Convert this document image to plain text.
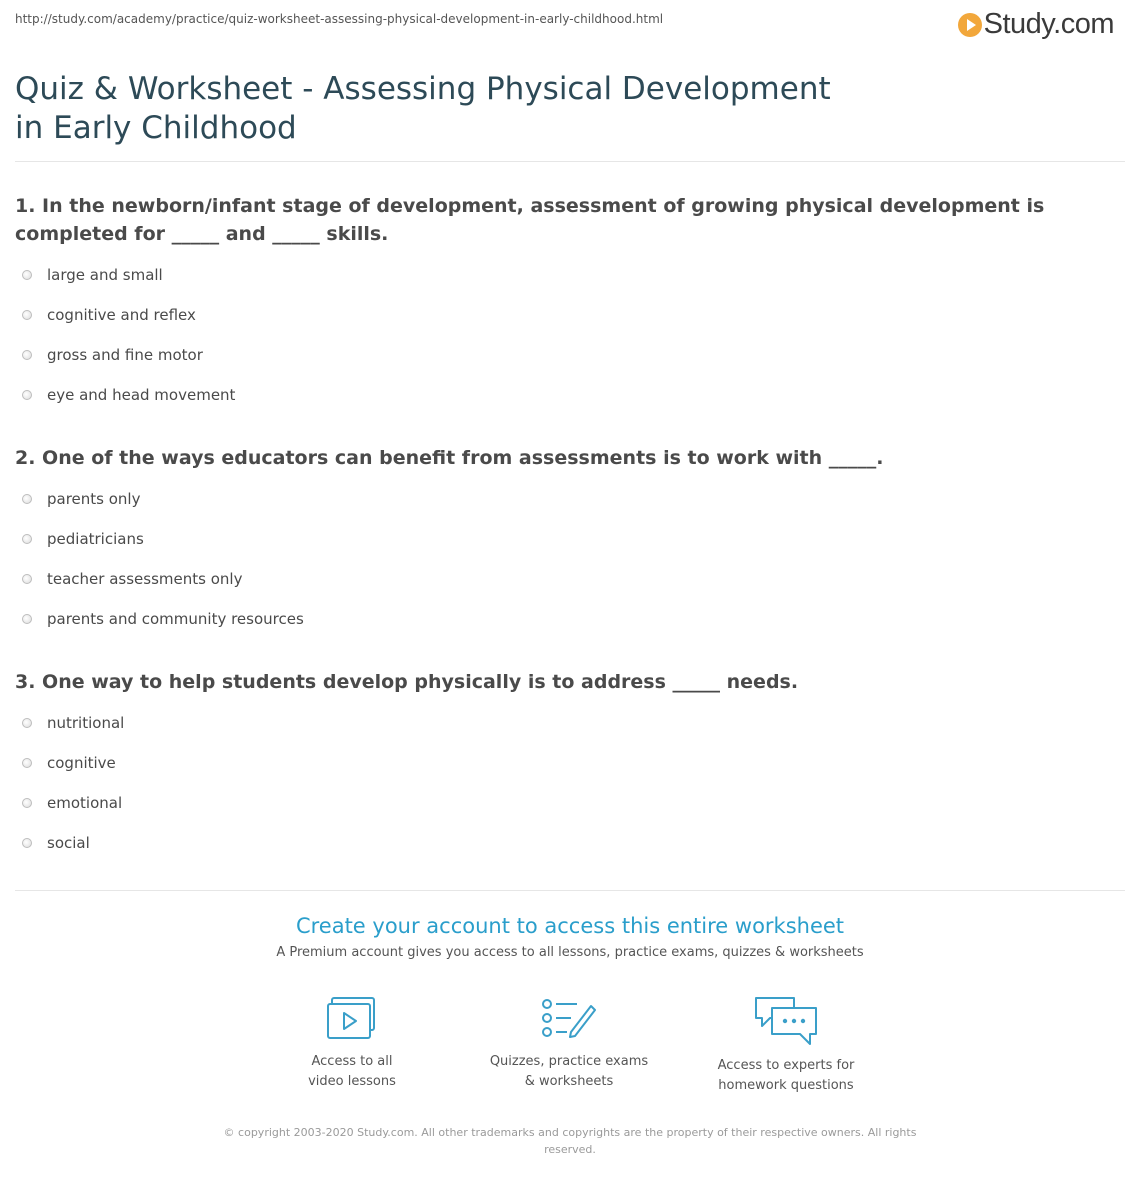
http://study.com/academy/practice/quiz-worksheet-assessing-physical-development-in-early-childhood.html	Study.com
Quiz & Worksheet - Assessing Physical Development in Early Childhood
1. In the newborn/infant stage of development, assessment of growing physical development is completed for _____ and _____ skills.
large and small
cognitive and reflex
gross and fine motor
eye and head movement
2. One of the ways educators can benefit from assessments is to work with _____.
parents only
pediatricians
teacher assessments only
parents and community resources
3. One way to help students develop physically is to address _____ needs.
nutritional
cognitive
emotional
social
Create your account to access this entire worksheet
A Premium account gives you access to all lessons, practice exams, quizzes & worksheets
Access to all
video lessons
Quizzes, practice exams
& worksheets
Access to experts for
homework questions
© copyright 2003-2020 Study.com. All other trademarks and copyrights are the property of their respective owners. All rights reserved.
